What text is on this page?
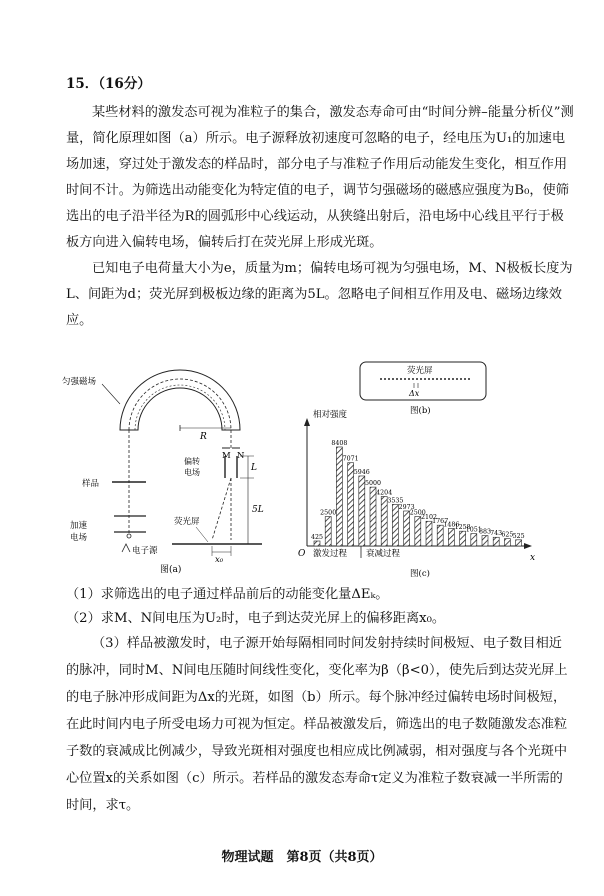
15．（16分）

某些材料的激发态可视为准粒子的集合，激发态寿命可由“时间分辨–能量分析仪”测量，简化原理如图（a）所示。电子源释放初速度可忽略的电子，经电压为U₁的加速电场加速，穿过处于激发态的样品时，部分电子与准粒子作用后动能发生变化，相互作用时间不计。为筛选出动能变化为特定值的电子，调节匀强磁场的磁感应强度为B₀，使筛选出的电子沿半径为R的圆弧形中心线运动，从狭缝出射后，沿电场中心线且平行于极板方向进入偏转电场，偏转后打在荧光屏上形成光斑。

已知电子电荷量大小为e，质量为m；偏转电场可视为匀强电场，M、N极板长度为L、间距为d；荧光屏到极板边缘的距离为5L。忽略电子间相互作用及电、磁场边缘效应。

匀强磁场
R
M N
偏转
电场	L
5L
荧光屏
x₀
样品
加速
电场
电子源
图(a)
荧光屏
Δx
图(b)
相对强度
x
O 激发过程 衰减过程
图(c)
425
2500
8408
7071
5946
5000
4204
3535
2973
2500
2102
1767
1486
1258
1051
883 743 625 525

（1）求筛选出的电子通过样品前后的动能变化量ΔEₖ。

（2）求M、N间电压为U₂时，电子到达荧光屏上的偏移距离x₀。

（3）样品被激发时，电子源开始每隔相同时间发射持续时间极短、电子数目相近的脉冲，同时M、N间电压随时间线性变化，变化率为β（β<0），使先后到达荧光屏上的电子脉冲形成间距为Δx的光斑，如图（b）所示。每个脉冲经过偏转电场时间极短，在此时间内电子所受电场力可视为恒定。样品被激发后，筛选出的电子数随激发态准粒子数的衰减成比例减少，导致光斑相对强度也相应成比例减弱，相对强度与各个光斑中心位置x的关系如图（c）所示。若样品的激发态寿命τ定义为准粒子数衰减一半所需的时间，求τ。

物理试题　第8页（共8页）
